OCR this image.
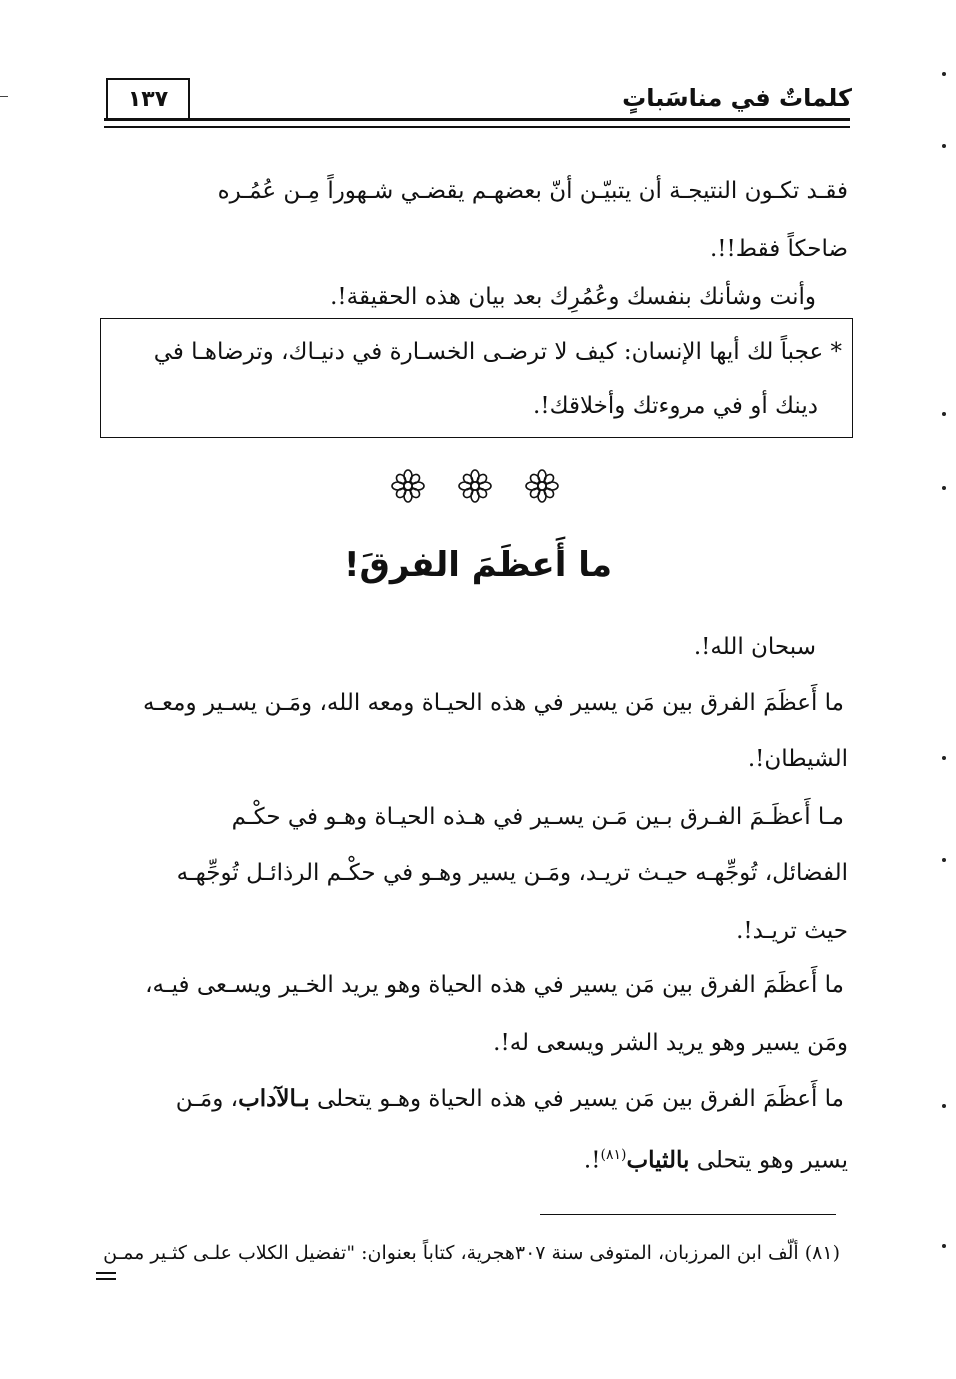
١٣٧	كلماتٌ في مناسَباتٍ
فقـد تكـون النتيجـة أن يتبيّـن أنّ بعضهـم يقضـي شـهوراً مِـن عُمُـره
ضاحكاً فقط!!.
وأنت وشأنك بنفسك وعُمُرِك بعد بيان هذه الحقيقة!.
* عجباً لك أيها الإنسان: كيف لا ترضـى الخسـارة في دنيـاك، وترضاهـا في
دينك أو في مروءتك وأخلاقك!.
ما أَعظَمَ الفرقَ!
سبحان الله!.
ما أَعظَمَ الفرق بين مَن يسير في هذه الحيـاة ومعه الله، ومَـن يسـير ومعـه
الشيطان!.
مـا أَعظَـمَ الفـرق بـين مَـن يسـير في هـذه الحيـاة وهـو في حكْـم
الفضائل، تُوجِّهـه حيـث تريـد، ومَـن يسير وهـو في حكْـم الرذائـل تُوجِّهـه
حيث تريـد!.
ما أَعظَمَ الفرق بين مَن يسير في هذه الحياة وهو يريد الخـير ويسـعى فيـه،
ومَن يسير وهو يريد الشر ويسعى له!.
ما أَعظَمَ الفرق بين مَن يسير في هذه الحياة وهـو يتحلى بـالآداب، ومَـن
يسير وهو يتحلى بالثياب$^{(٨١)}$!.
(٨١) ألّف ابن المرزبان، المتوفى سنة ٣٠٧هجرية، كتاباً بعنوان: "تفضيل الكلاب علـى كثـير ممـن
